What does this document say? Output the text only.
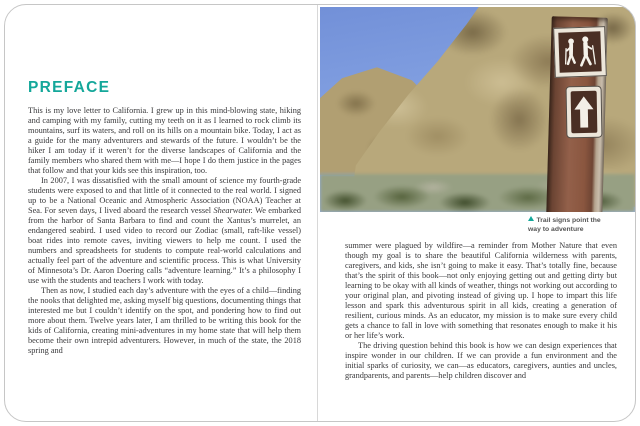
PREFACE

This is my love letter to California. I grew up in this mind-blowing state, hiking and camping with my family, cutting my teeth on it as I learned to rock climb its mountains, surf its waters, and roll on its hills on a mountain bike. Today, I act as a guide for the many adventurers and stewards of the future. I wouldn’t be the hiker I am today if it weren’t for the diverse landscapes of California and the family members who shared them with me—I hope I do them justice in the pages that follow and that your kids see this inspiration, too.

In 2007, I was dissatisfied with the small amount of science my fourth-grade students were exposed to and that little of it connected to the real world. I signed up to be a National Oceanic and Atmospheric Association (NOAA) Teacher at Sea. For seven days, I lived aboard the research vessel Shearwater. We embarked from the harbor of Santa Barbara to find and count the Xantus’s murrelet, an endangered seabird. I used video to record our Zodiac (small, raft-like vessel) boat rides into remote caves, inviting viewers to help me count. I used the numbers and spreadsheets for students to compute real-world calculations and actually feel part of the adventure and scientific process. This is what University of Minnesota’s Dr. Aaron Doering calls “adventure learning.” It’s a philosophy I use with the students and teachers I work with today.

Then as now, I studied each day’s adventure with the eyes of a child—finding the nooks that delighted me, asking myself big questions, documenting things that interested me but I couldn’t identify on the spot, and pondering how to find out more about them. Twelve years later, I am thrilled to be writing this book for the kids of California, creating mini-adventures in my home state that will help them become their own intrepid adventurers. However, in much of the state, the 2018 spring and

Trail signs point the way to adventure

summer were plagued by wildfire—a reminder from Mother Nature that even though my goal is to share the beautiful California wilderness with parents, caregivers, and kids, she isn’t going to make it easy. That’s totally fine, because that’s the spirit of this book—not only enjoying getting out and getting dirty but learning to be okay with all kinds of weather, things not working out according to your original plan, and pivoting instead of giving up. I hope to impart this life lesson and spark this adventurous spirit in all kids, creating a generation of resilient, curious minds. As an educator, my mission is to make sure every child gets a chance to fall in love with something that resonates enough to make it his or her life’s work.

The driving question behind this book is how we can design experiences that inspire wonder in our children. If we can provide a fun environment and the initial sparks of curiosity, we can—as educators, caregivers, aunties and uncles, grandparents, and parents—help children discover and
